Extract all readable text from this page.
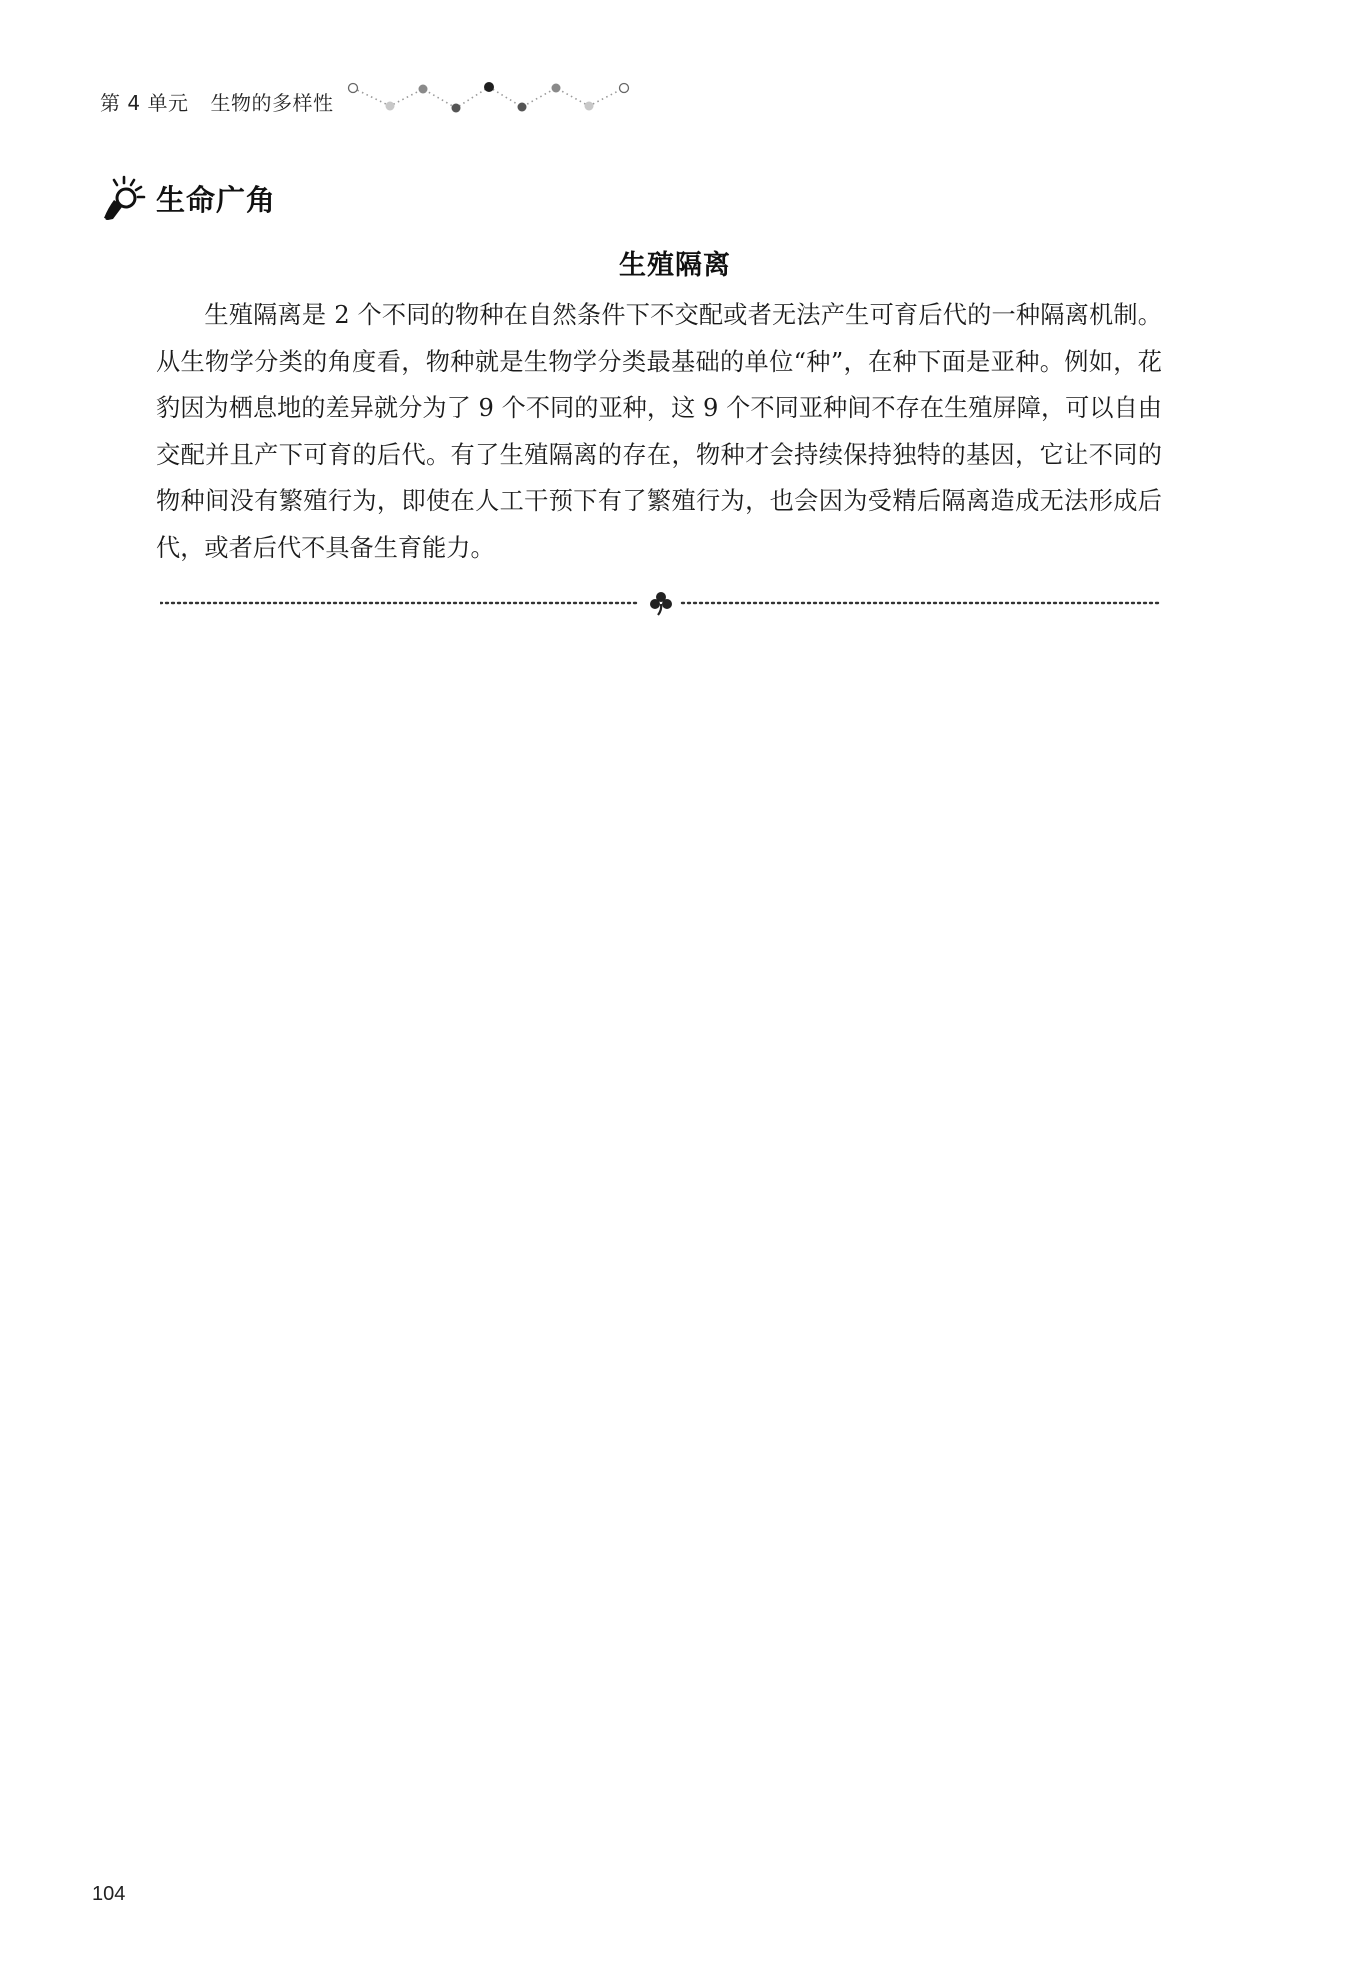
第 4 单元 生物的多样性
生命广角
生殖隔离

生殖隔离是 2 个不同的物种在自然条件下不交配或者无法产生可育后代的一种隔离机制。从生物学分类的角度看，物种就是生物学分类最基础的单位“种”，在种下面是亚种。例如，花豹因为栖息地的差异就分为了 9 个不同的亚种，这 9 个不同亚种间不存在生殖屏障，可以自由交配并且产下可育的后代。有了生殖隔离的存在，物种才会持续保持独特的基因，它让不同的物种间没有繁殖行为，即使在人工干预下有了繁殖行为，也会因为受精后隔离造成无法形成后代，或者后代不具备生育能力。

104
